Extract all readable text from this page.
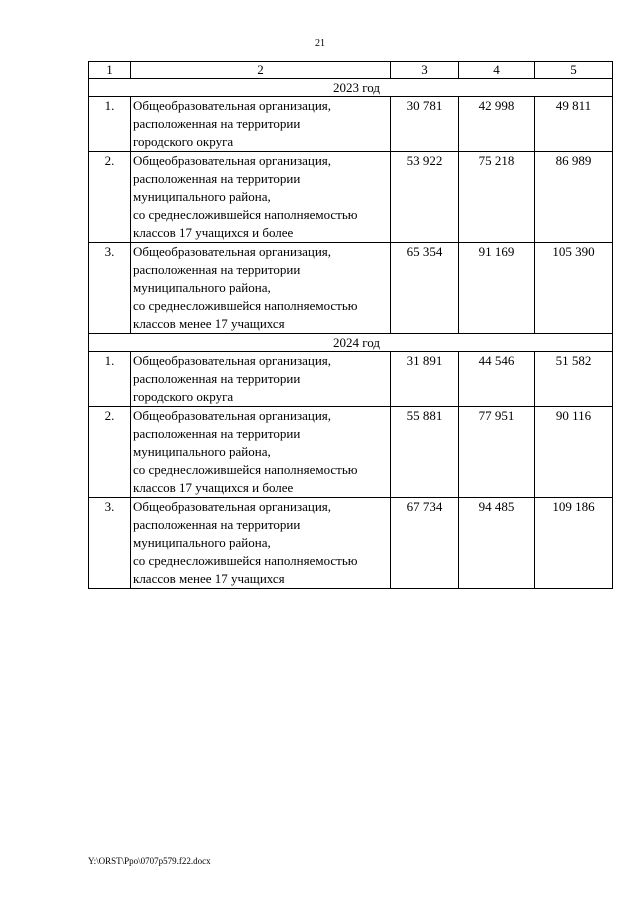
21
1	2	3	4	5
2023 год				
1.	Общеобразовательная организация,
расположенная на территории
городского округа	30 781	42 998	49 811
2.	Общеобразовательная организация,
расположенная на территории
муниципального района,
со среднесложившейся наполняемостью
классов 17 учащихся и более	53 922	75 218	86 989
3.	Общеобразовательная организация,
расположенная на территории
муниципального района,
со среднесложившейся наполняемостью
классов менее 17 учащихся	65 354	91 169	105 390
2024 год				
1.	Общеобразовательная организация,
расположенная на территории
городского округа	31 891	44 546	51 582
2.	Общеобразовательная организация,
расположенная на территории
муниципального района,
со среднесложившейся наполняемостью
классов 17 учащихся и более	55 881	77 951	90 116
3.	Общеобразовательная организация,
расположенная на территории
муниципального района,
со среднесложившейся наполняемостью
классов менее 17 учащихся	67 734	94 485	109 186
Y:\ORST\Ppo\0707p579.f22.docx
